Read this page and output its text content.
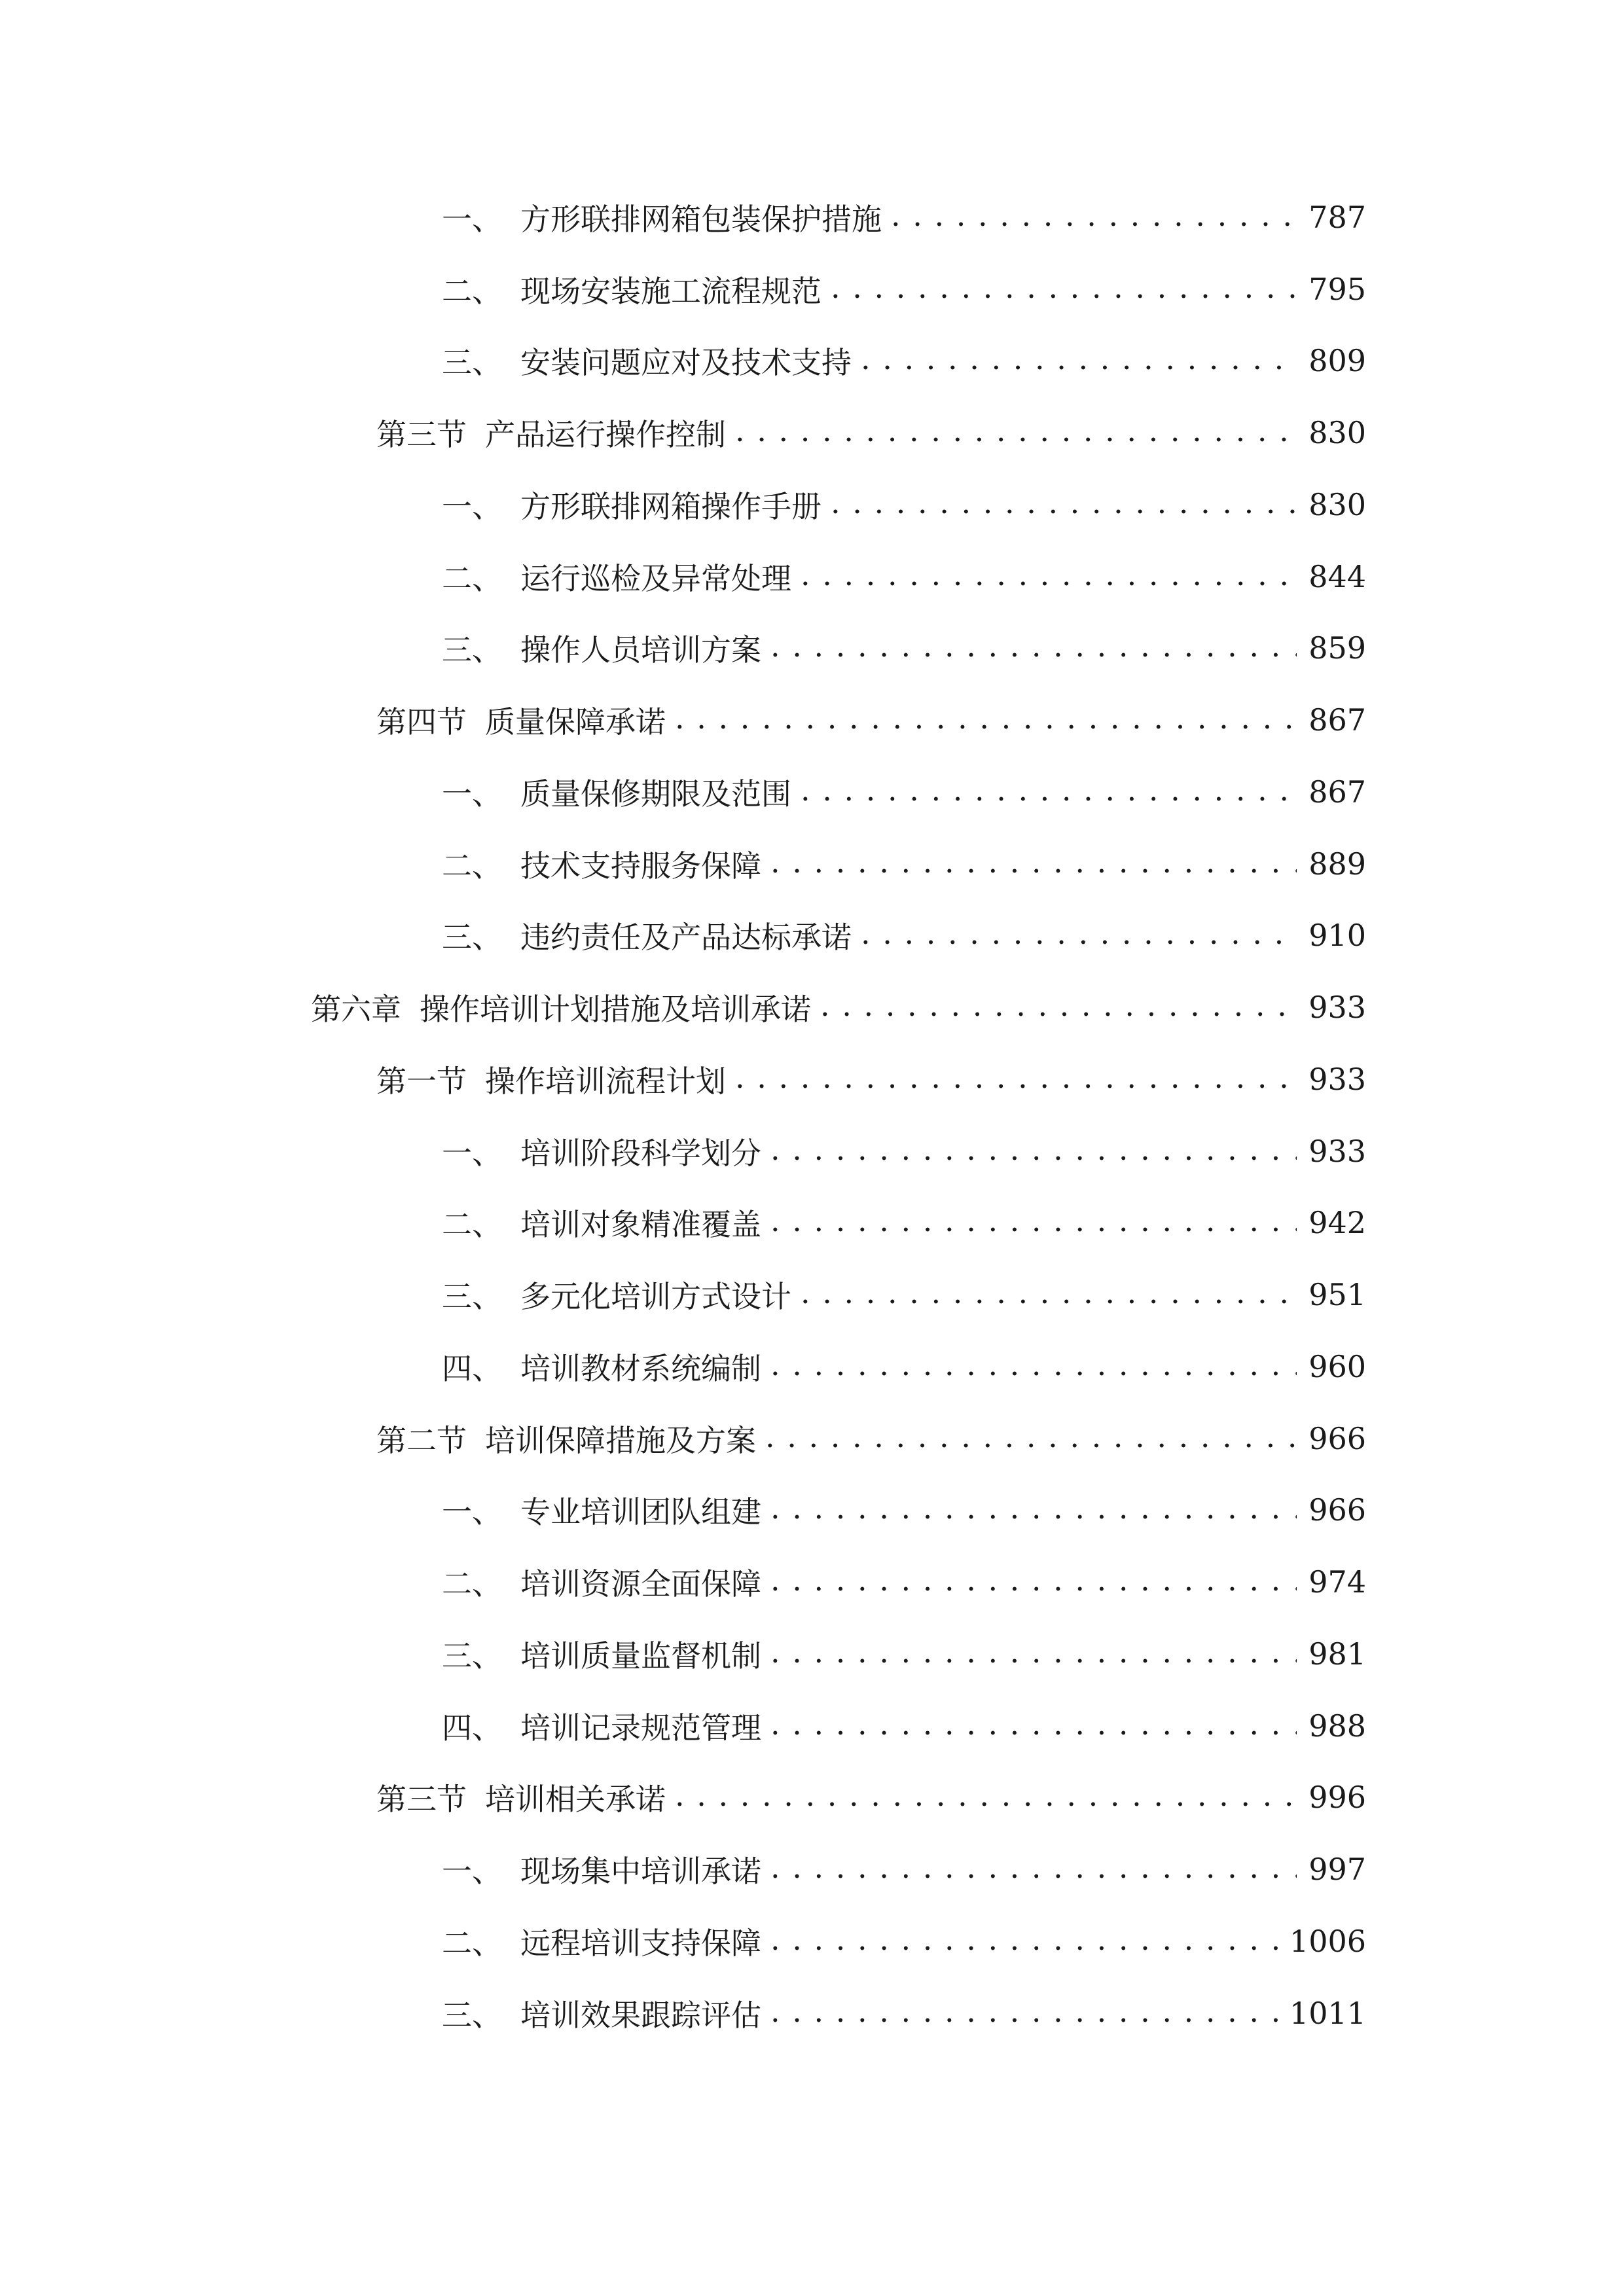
一、 方形联排网箱包装保护措施 . . .	787
二、 现场安装施工流程规范 . . .	795
三、 安装问题应对及技术支持 . . .	809
第三节 产品运行操作控制 . . .	830
一、 方形联排网箱操作手册 . . .	830
二、 运行巡检及异常处理 . . .	844
三、 操作人员培训方案 . . .	859
第四节 质量保障承诺 . . .	867
一、 质量保修期限及范围 . . .	867
二、 技术支持服务保障 . . .	889
三、 违约责任及产品达标承诺 . . .	910
第六章 操作培训计划措施及培训承诺 . . .	933
第一节 操作培训流程计划 . . .	933
一、 培训阶段科学划分 . . .	933
二、 培训对象精准覆盖 . . .	942
三、 多元化培训方式设计 . . .	951
四、 培训教材系统编制 . . .	960
第二节 培训保障措施及方案 . . .	966
一、 专业培训团队组建 . . .	966
二、 培训资源全面保障 . . .	974
三、 培训质量监督机制 . . .	981
四、 培训记录规范管理 . . .	988
第三节 培训相关承诺 . . .	996
一、 现场集中培训承诺 . . .	997
二、 远程培训支持保障 . . .	1006
三、 培训效果跟踪评估 . . .	1011
